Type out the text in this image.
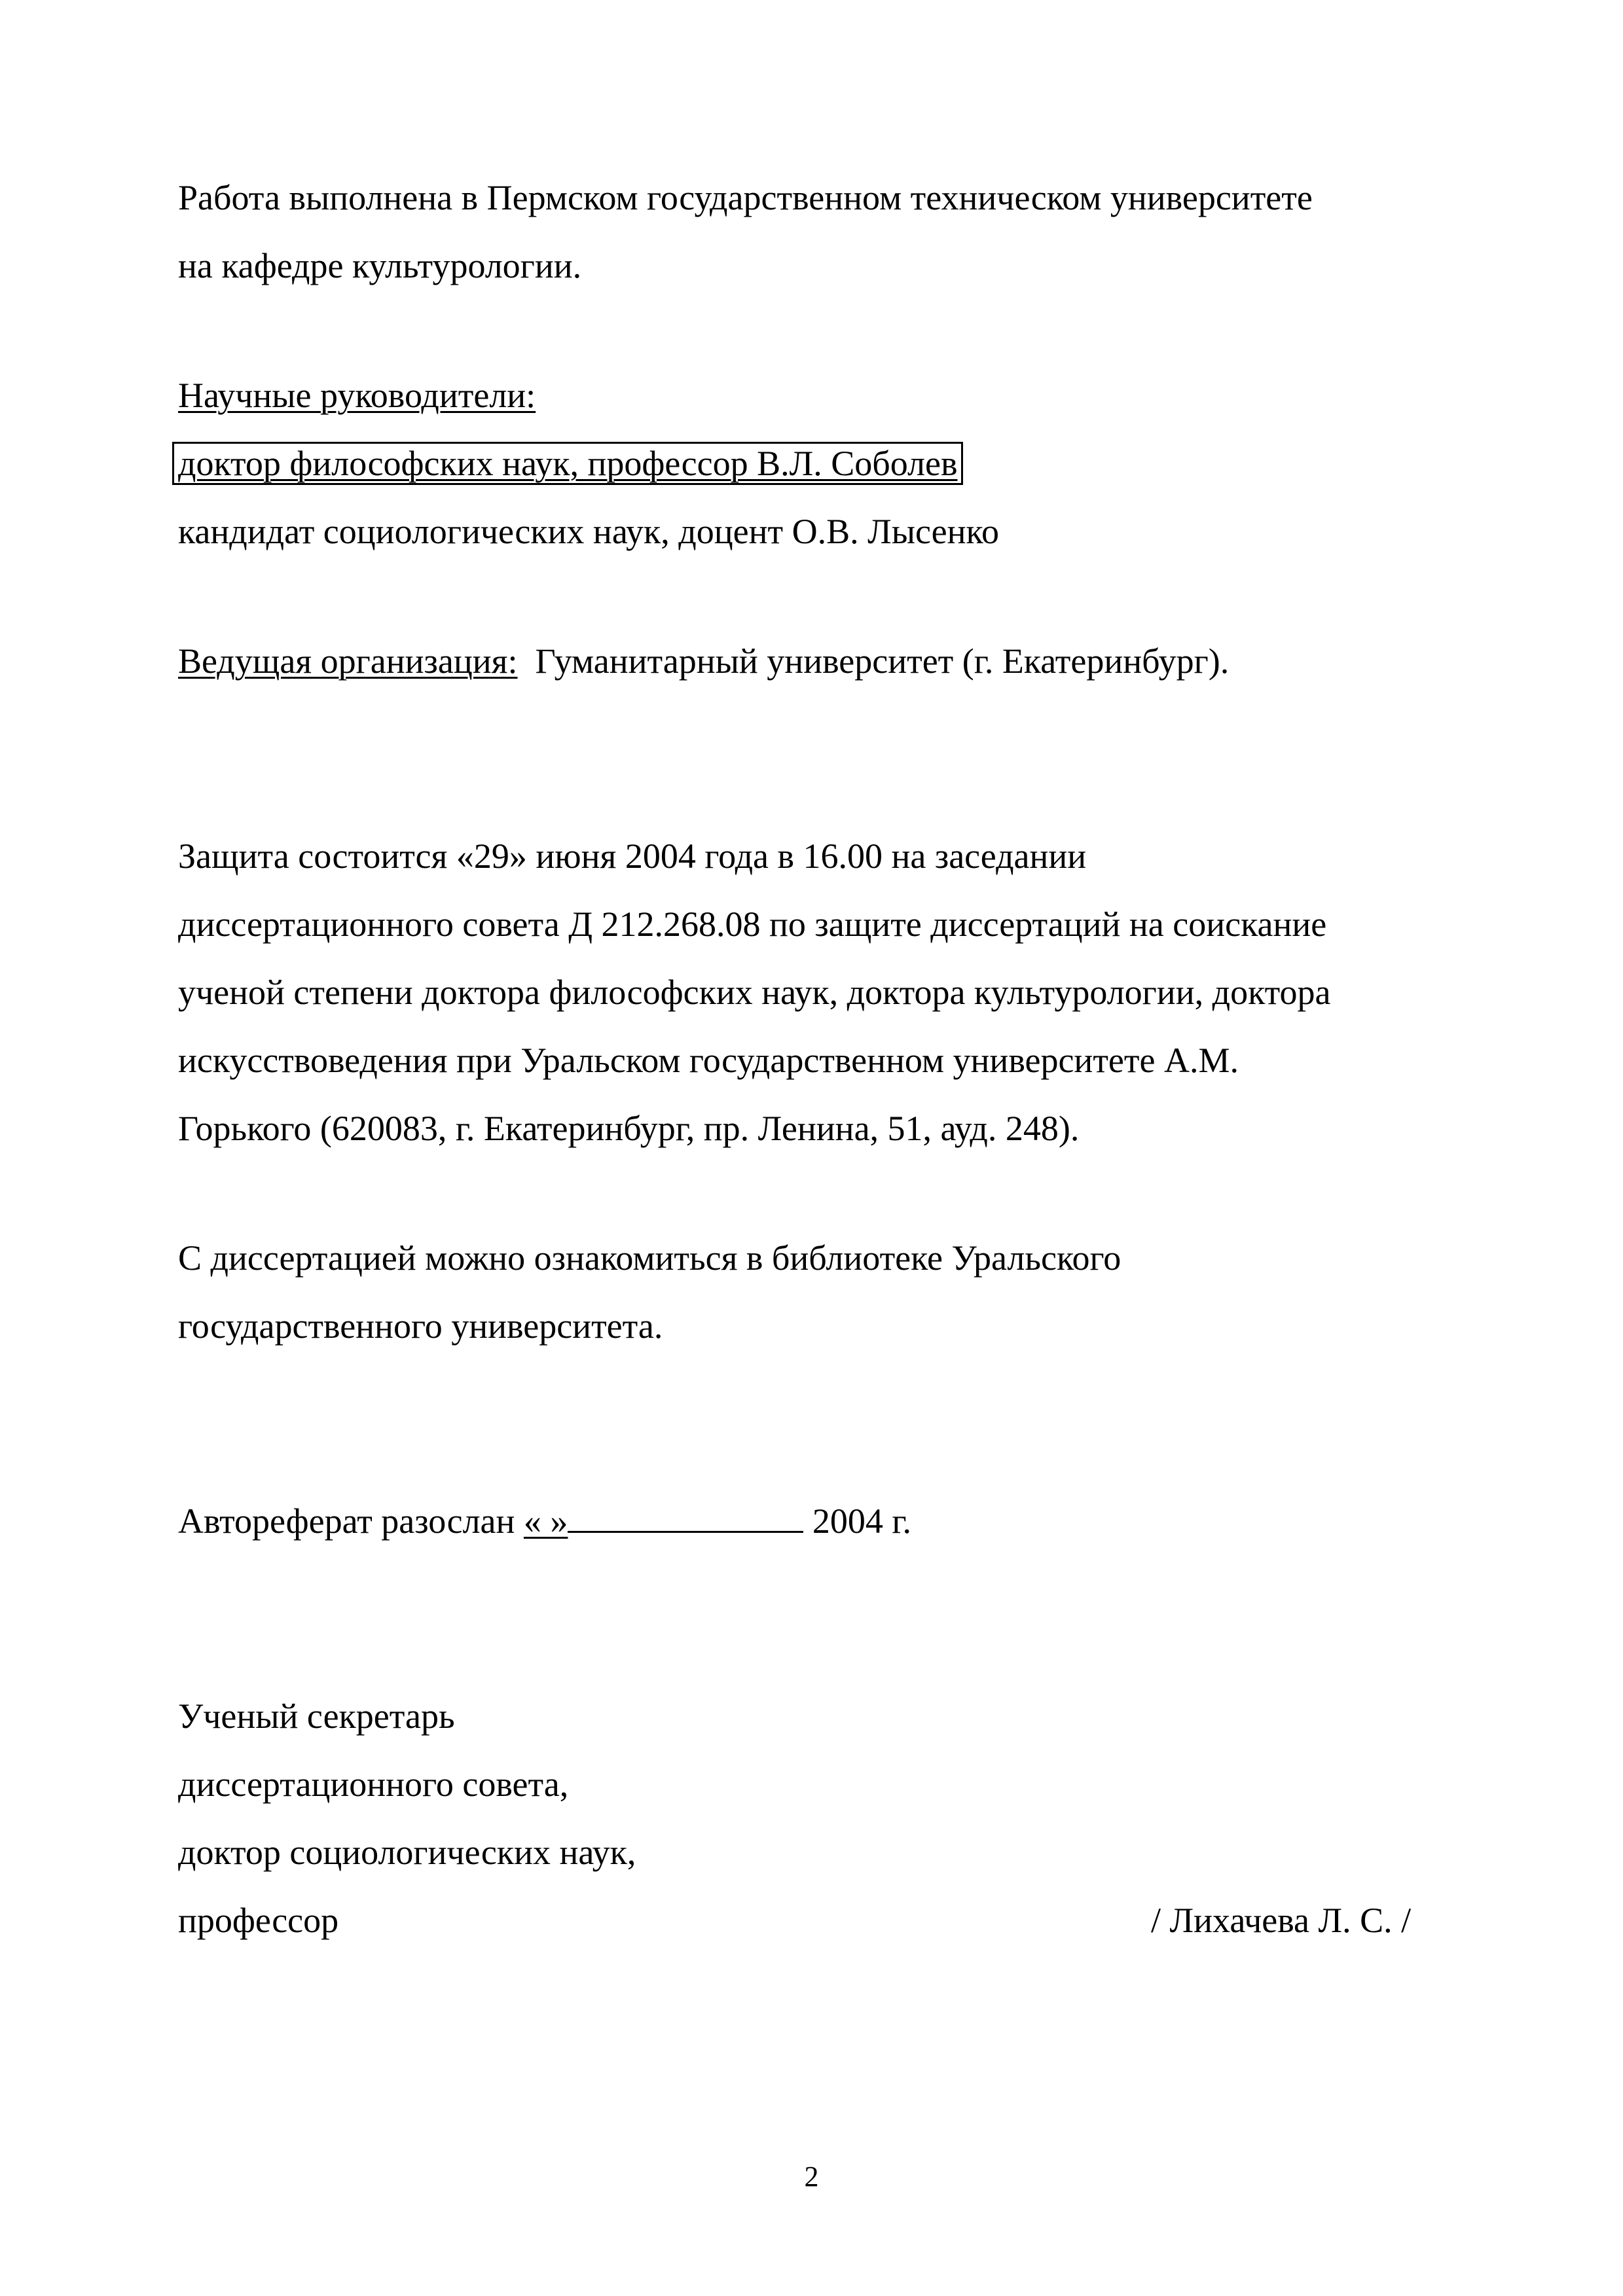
Работа выполнена в Пермском государственном техническом университете
на кафедре культурологии.
Научные руководители:
доктор философских наук, профессор В.Л. Соболев
кандидат социологических наук, доцент О.В. Лысенко
Ведущая организация: Гуманитарный университет (г. Екатеринбург).
Защита состоится «29» июня 2004 года в 16.00 на заседании
диссертационного совета Д 212.268.08 по защите диссертаций на соискание
ученой степени доктора философских наук, доктора культурологии, доктора
искусствоведения при Уральском государственном университете А.М.
Горького (620083, г. Екатеринбург, пр. Ленина, 51, ауд. 248).
С диссертацией можно ознакомиться в библиотеке Уральского
государственного университета.
Автореферат разослан « »	2004 г.
Ученый секретарь
диссертационного совета,
доктор социологических наук,
профессор	/ Лихачева Л. С. /
2
